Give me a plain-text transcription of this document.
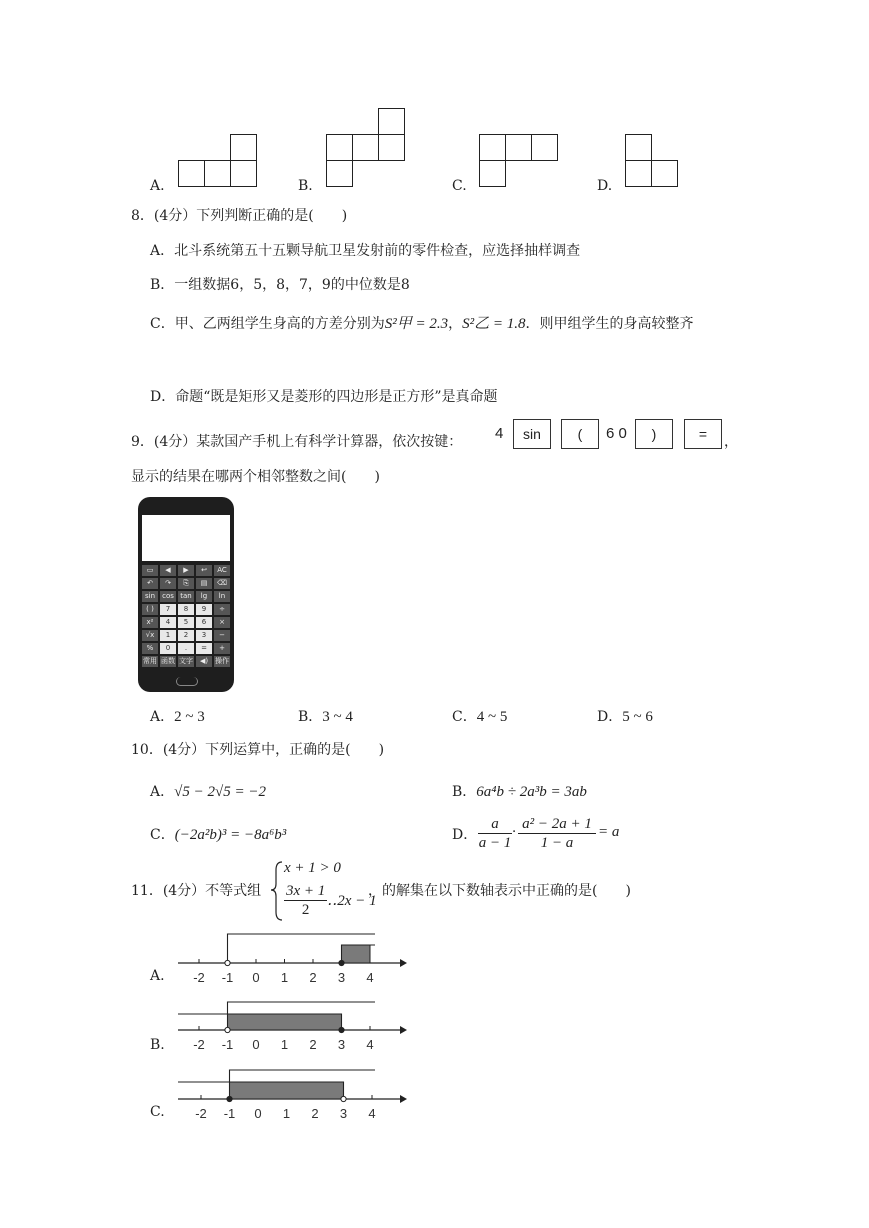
A.	B.	C.	D.
8．(4分）下列判断正确的是(　　)
A．北斗系统第五十五颗导航卫星发射前的零件检查，应选择抽样调查
B．一组数据6，5，8，7，9的中位数是8
C．甲、乙两组学生身高的方差分别为S²甲 = 2.3，S²乙 = 1.8．则甲组学生的身高较整齐
D．命题“既是矩形又是菱形的四边形是正方形”是真命题
9．(4分）某款国产手机上有科学计算器，依次按键： 4	sin	(	6 0	)	=	，
显示的结果在哪两个相邻整数之间(　　)
▭	◀	▶	↩	AC
↶	↷	⎘	▤	⌫
sin	cos tan	lg	ln
( )	7	8	9	÷
x²	4	5	6	×
√x	1	2	3	−
%	0	.	=	+
常用 函数 文字 ◀) 操作
A．2 ~ 3	B．3 ~ 4	C．4 ~ 5	D．5 ~ 6
10．(4分）下列运算中，正确的是(　　)
A．√5 − 2√5 = −2	B．6a⁴b ÷ 2a³b = 3ab
C．(−2a²b)³ = −8a⁶b³	D．
a
a − 1
· a² − 2a + 1
1 − a
= a
11．(4分）不等式组
x + 1 > 0
$\frac{3x + 1}{2}$ ‥2x − 1
，的解集在以下数轴表示中正确的是(　　)
A.
B.
C.
-2 -1 0 1 2 3 4
-2 -1 0 1 2 3 4
-2 -1 0 1 2 3 4
